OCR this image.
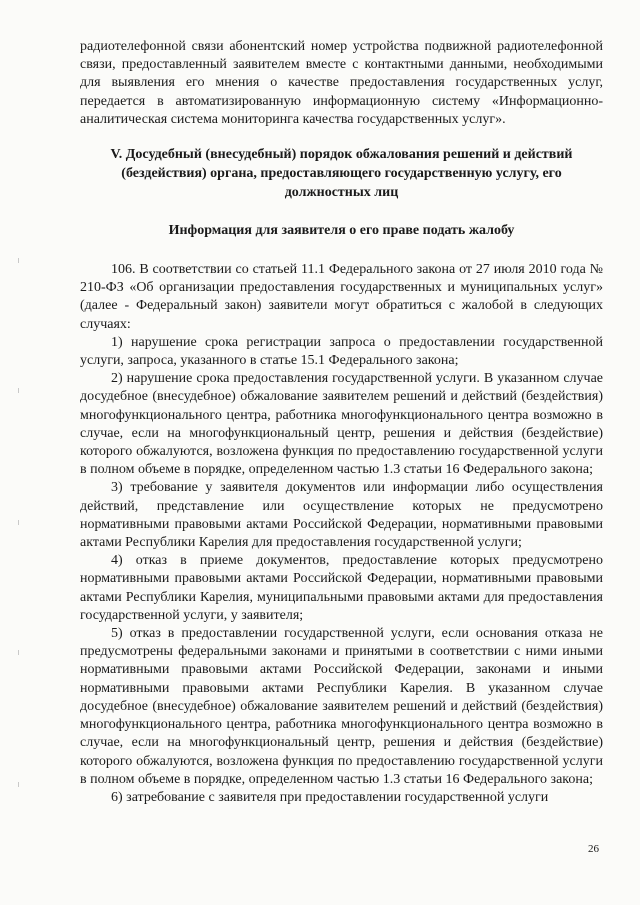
радиотелефонной связи абонентский номер устройства подвижной радиотелефонной связи, предоставленный заявителем вместе с контактными данными, необходимыми для выявления его мнения о качестве предоставления государственных услуг, передается в автоматизированную информационную систему «Информационно-аналитическая система мониторинга качества государственных услуг».

V. Досудебный (внесудебный) порядок обжалования решений и действий (бездействия) органа, предоставляющего государственную услугу, его должностных лиц
Информация для заявителя о его праве подать жалобу

106. В соответствии со статьей 11.1 Федерального закона от 27 июля 2010 года № 210-ФЗ «Об организации предоставления государственных и муниципальных услуг» (далее - Федеральный закон) заявители могут обратиться с жалобой в следующих случаях:

1) нарушение срока регистрации запроса о предоставлении государственной услуги, запроса, указанного в статье 15.1 Федерального закона;

2) нарушение срока предоставления государственной услуги. В указанном случае досудебное (внесудебное) обжалование заявителем решений и действий (бездействия) многофункционального центра, работника многофункционального центра возможно в случае, если на многофункциональный центр, решения и действия (бездействие) которого обжалуются, возложена функция по предоставлению государственной услуги в полном объеме в порядке, определенном частью 1.3 статьи 16 Федерального закона;

3) требование у заявителя документов или информации либо осуществления действий, представление или осуществление которых не предусмотрено нормативными правовыми актами Российской Федерации, нормативными правовыми актами Республики Карелия для предоставления государственной услуги;

4) отказ в приеме документов, предоставление которых предусмотрено нормативными правовыми актами Российской Федерации, нормативными правовыми актами Республики Карелия, муниципальными правовыми актами для предоставления государственной услуги, у заявителя;

5) отказ в предоставлении государственной услуги, если основания отказа не предусмотрены федеральными законами и принятыми в соответствии с ними иными нормативными правовыми актами Российской Федерации, законами и иными нормативными правовыми актами Республики Карелия. В указанном случае досудебное (внесудебное) обжалование заявителем решений и действий (бездействия) многофункционального центра, работника многофункционального центра возможно в случае, если на многофункциональный центр, решения и действия (бездействие) которого обжалуются, возложена функция по предоставлению государственной услуги в полном объеме в порядке, определенном частью 1.3 статьи 16 Федерального закона;

6) затребование с заявителя при предоставлении государственной услуги

26
